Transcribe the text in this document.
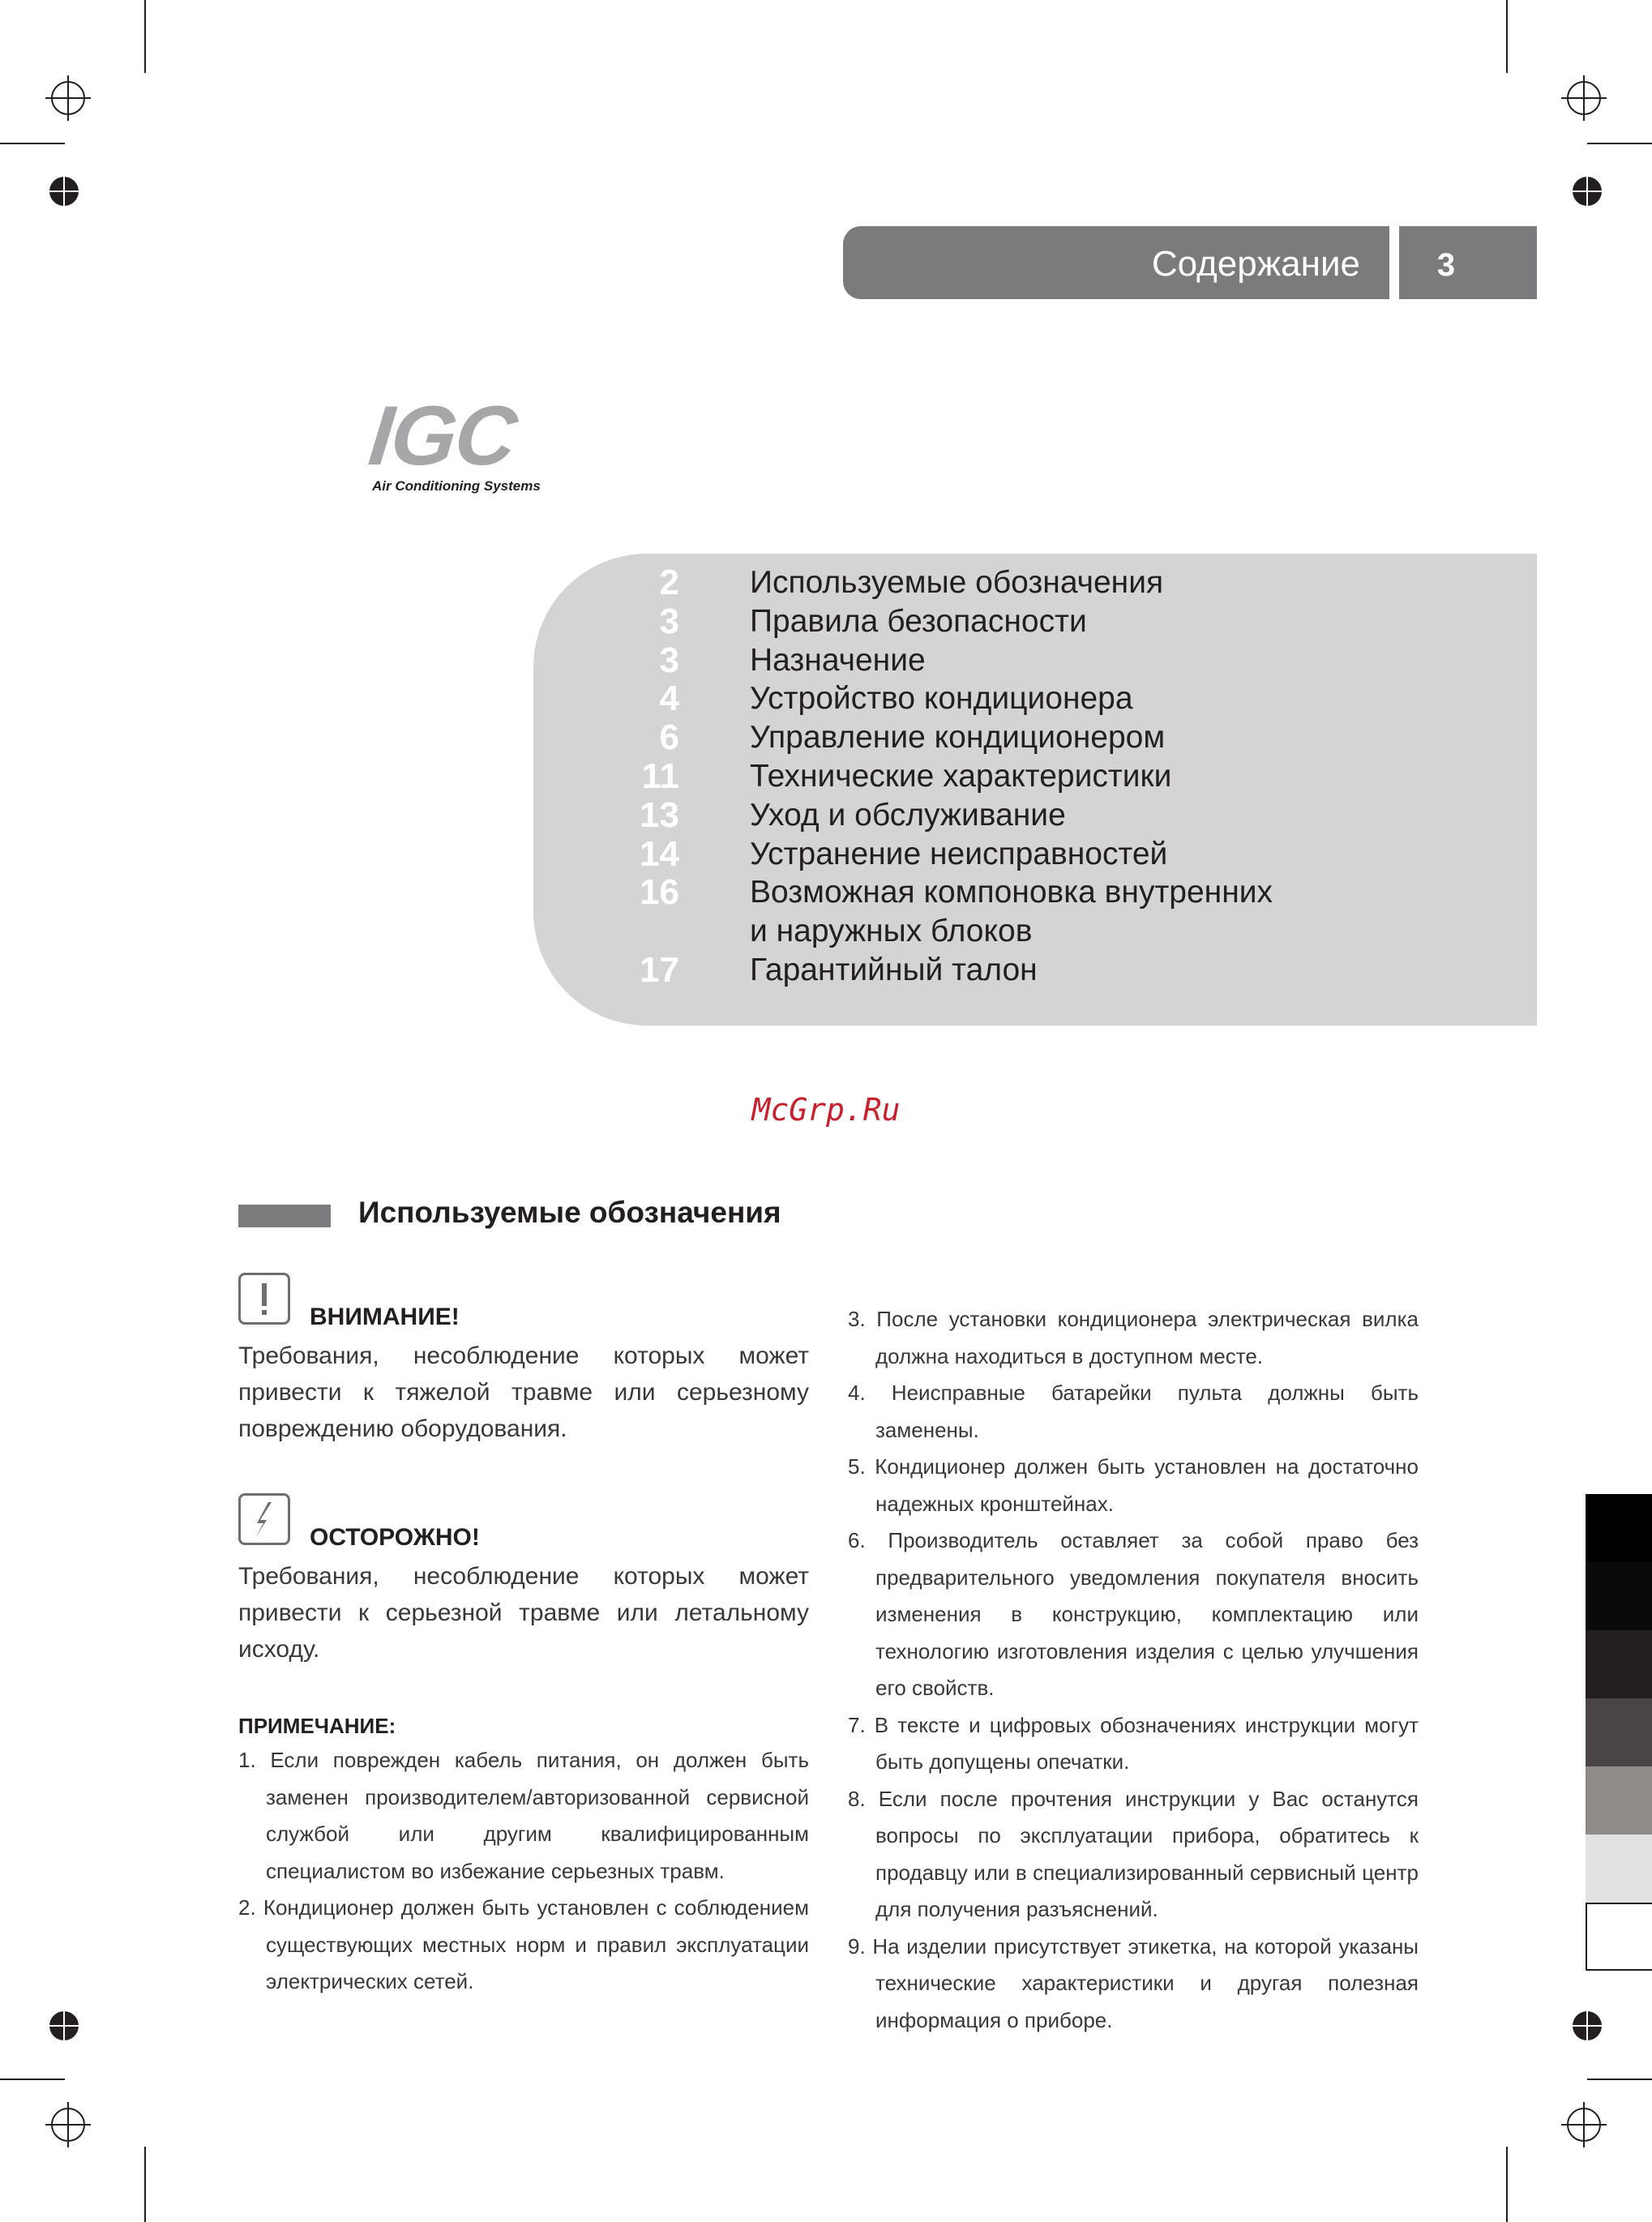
Содержание	3
IGC
Air Conditioning Systems
2 Используемые обозначения
3 Правила безопасности
3 Назначение
4 Устройство кондиционера
6 Управление кондиционером
11 Технические характеристики
13 Уход и обслуживание
14 Устранение неисправностей
16 Возможная компоновка внутренних
и наружных блоков
17 Гарантийный талон
McGrp.Ru
Используемые обозначения
ВНИМАНИЕ!
Требования, несоблюдение которых может привести к тяжелой травме или серьезному повреждению оборудования.
ОСТОРОЖНО!
Требования, несоблюдение которых может привести к серьезной травме или летальному исходу.
ПРИМЕЧАНИЕ:

1. Если поврежден кабель питания, он должен быть заменен производителем/авторизованной сервисной службой или другим квалифицированным специалистом во избежание серьезных травм.

2. Кондиционер должен быть установлен с соблюдением существующих местных норм и правил эксплуатации электрических сетей.

3. После установки кондиционера электрическая вилка должна находиться в доступном месте.

4. Неисправные батарейки пульта должны быть заменены.

5. Кондиционер должен быть установлен на достаточно надежных кронштейнах.

6. Производитель оставляет за собой право без предварительного уведомления покупателя вносить изменения в конструкцию, комплектацию или технологию изготовления изделия с целью улучшения его свойств.

7. В тексте и цифровых обозначениях инструкции могут быть допущены опечатки.

8. Если после прочтения инструкции у Вас останутся вопросы по эксплуатации прибора, обратитесь к продавцу или в специализированный сервисный центр для получения разъяснений.

9. На изделии присутствует этикетка, на которой указаны технические характеристики и другая полезная информация о приборе.
